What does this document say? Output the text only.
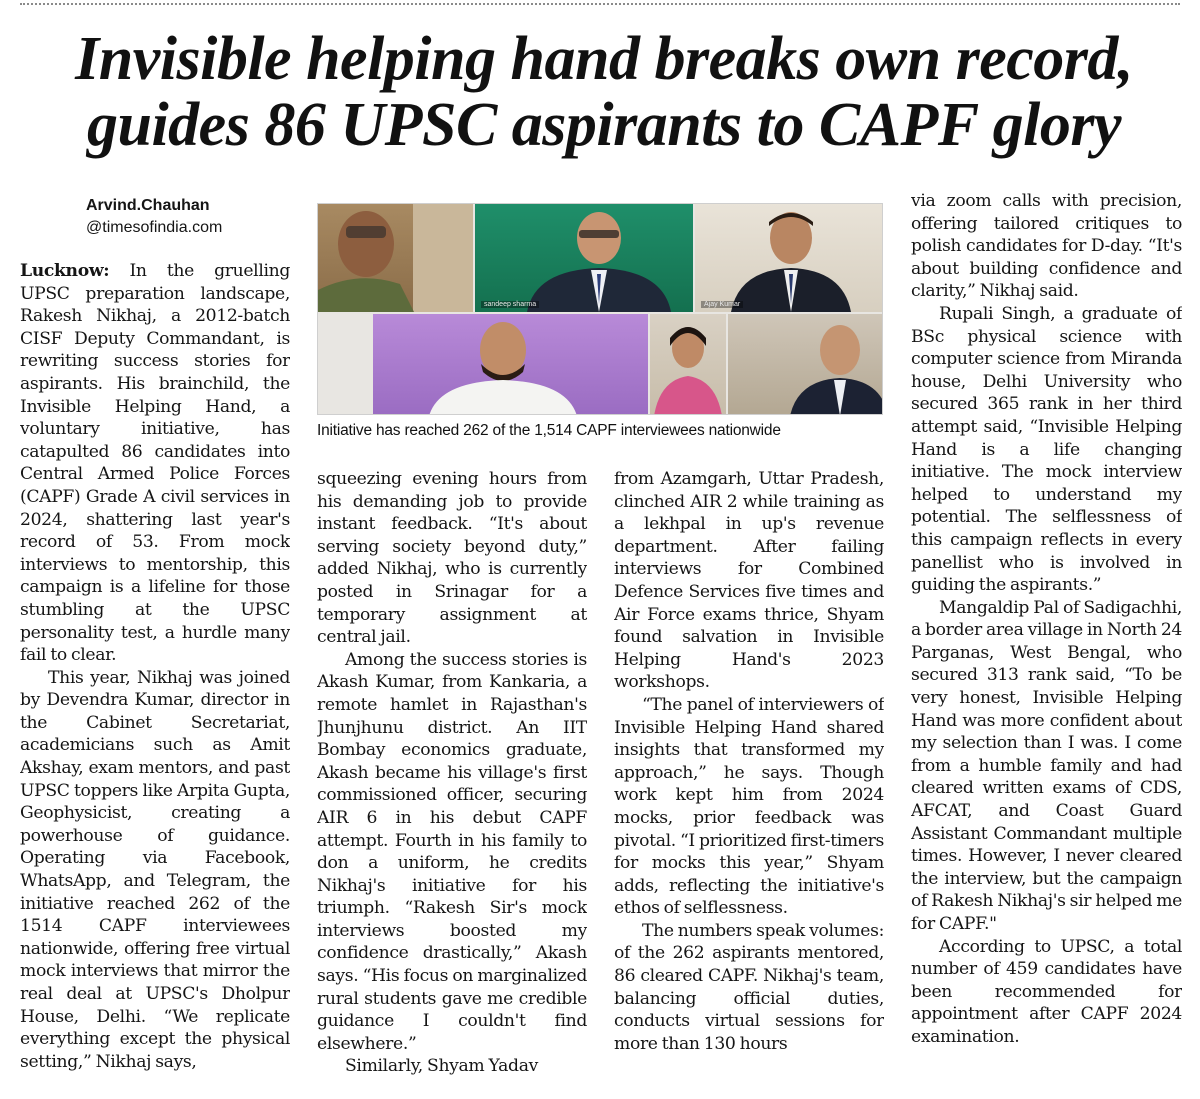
Invisible helping hand breaks own record,
guides 86 UPSC aspirants to CAPF glory
Arvind.Chauhan
@timesofindia.com

Lucknow: In the gruelling UPSC preparation landscape, Rakesh Nikhaj, a 2012-batch CISF Deputy Commandant, is rewriting success stories for aspirants. His brainchild, the Invisible Helping Hand, a voluntary initiative, has catapulted 86 candidates into Central Armed Police Forces (CAPF) Grade A civil services in 2024, shattering last year's record of 53. From mock interviews to mentorship, this campaign is a lifeline for those stumbling at the UPSC personality test, a hurdle many fail to clear.

This year, Nikhaj was joined by Devendra Kumar, director in the Cabinet Secretariat, academicians such as Amit Akshay, exam mentors, and past UPSC toppers like Arpita Gupta, Geophysicist, creating a powerhouse of guidance. Operating via Facebook, WhatsApp, and Telegram, the initiative reached 262 of the 1514 CAPF interviewees nationwide, offering free virtual mock interviews that mirror the real deal at UPSC's Dholpur House, Delhi. “We replicate everything except the physical setting,” Nikhaj says,

sandeep sharma	Ajay Kumar
Initiative has reached 262 of the 1,514 CAPF interviewees nationwide

squeezing evening hours from his demanding job to provide instant feedback. “It's about serving society beyond duty,” added Nikhaj, who is currently posted in Srinagar for a temporary assignment at central jail.

Among the success stories is Akash Kumar, from Kankaria, a remote hamlet in Rajasthan's Jhunjhunu district. An IIT Bombay economics graduate, Akash became his village's first commissioned officer, securing AIR 6 in his debut CAPF attempt. Fourth in his family to don a uniform, he credits Nikhaj's initiative for his triumph. “Rakesh Sir's mock interviews boosted my confidence drastically,” Akash says. “His focus on marginalized rural students gave me credible guidance I couldn't find elsewhere.”

Similarly, Shyam Yadav

from Azamgarh, Uttar Pradesh, clinched AIR 2 while training as a lekhpal in up's revenue department. After failing interviews for Combined Defence Services five times and Air Force exams thrice, Shyam found salvation in Invisible Helping Hand's 2023 workshops.

“The panel of interviewers of Invisible Helping Hand shared insights that transformed my approach,” he says. Though work kept him from 2024 mocks, prior feedback was pivotal. “I prioritized first-timers for mocks this year,” Shyam adds, reflecting the initiative's ethos of selflessness.

The numbers speak volumes: of the 262 aspirants mentored, 86 cleared CAPF. Nikhaj's team, balancing official duties, conducts virtual sessions for more than 130 hours

via zoom calls with precision, offering tailored critiques to polish candidates for D-day. “It's about building confidence and clarity,” Nikhaj said.

Rupali Singh, a graduate of BSc physical science with computer science from Miranda house, Delhi University who secured 365 rank in her third attempt said, “Invisible Helping Hand is a life changing initiative. The mock interview helped to understand my potential. The selflessness of this campaign reflects in every panellist who is involved in guiding the aspirants.”

Mangaldip Pal of Sadigachhi, a border area village in North 24 Parganas, West Bengal, who secured 313 rank said, “To be very honest, Invisible Helping Hand was more confident about my selection than I was. I come from a humble family and had cleared written exams of CDS, AFCAT, and Coast Guard Assistant Commandant multiple times. However, I never cleared the interview, but the campaign of Rakesh Nikhaj's sir helped me for CAPF."

According to UPSC, a total number of 459 candidates have been recommended for appointment after CAPF 2024 examination.
